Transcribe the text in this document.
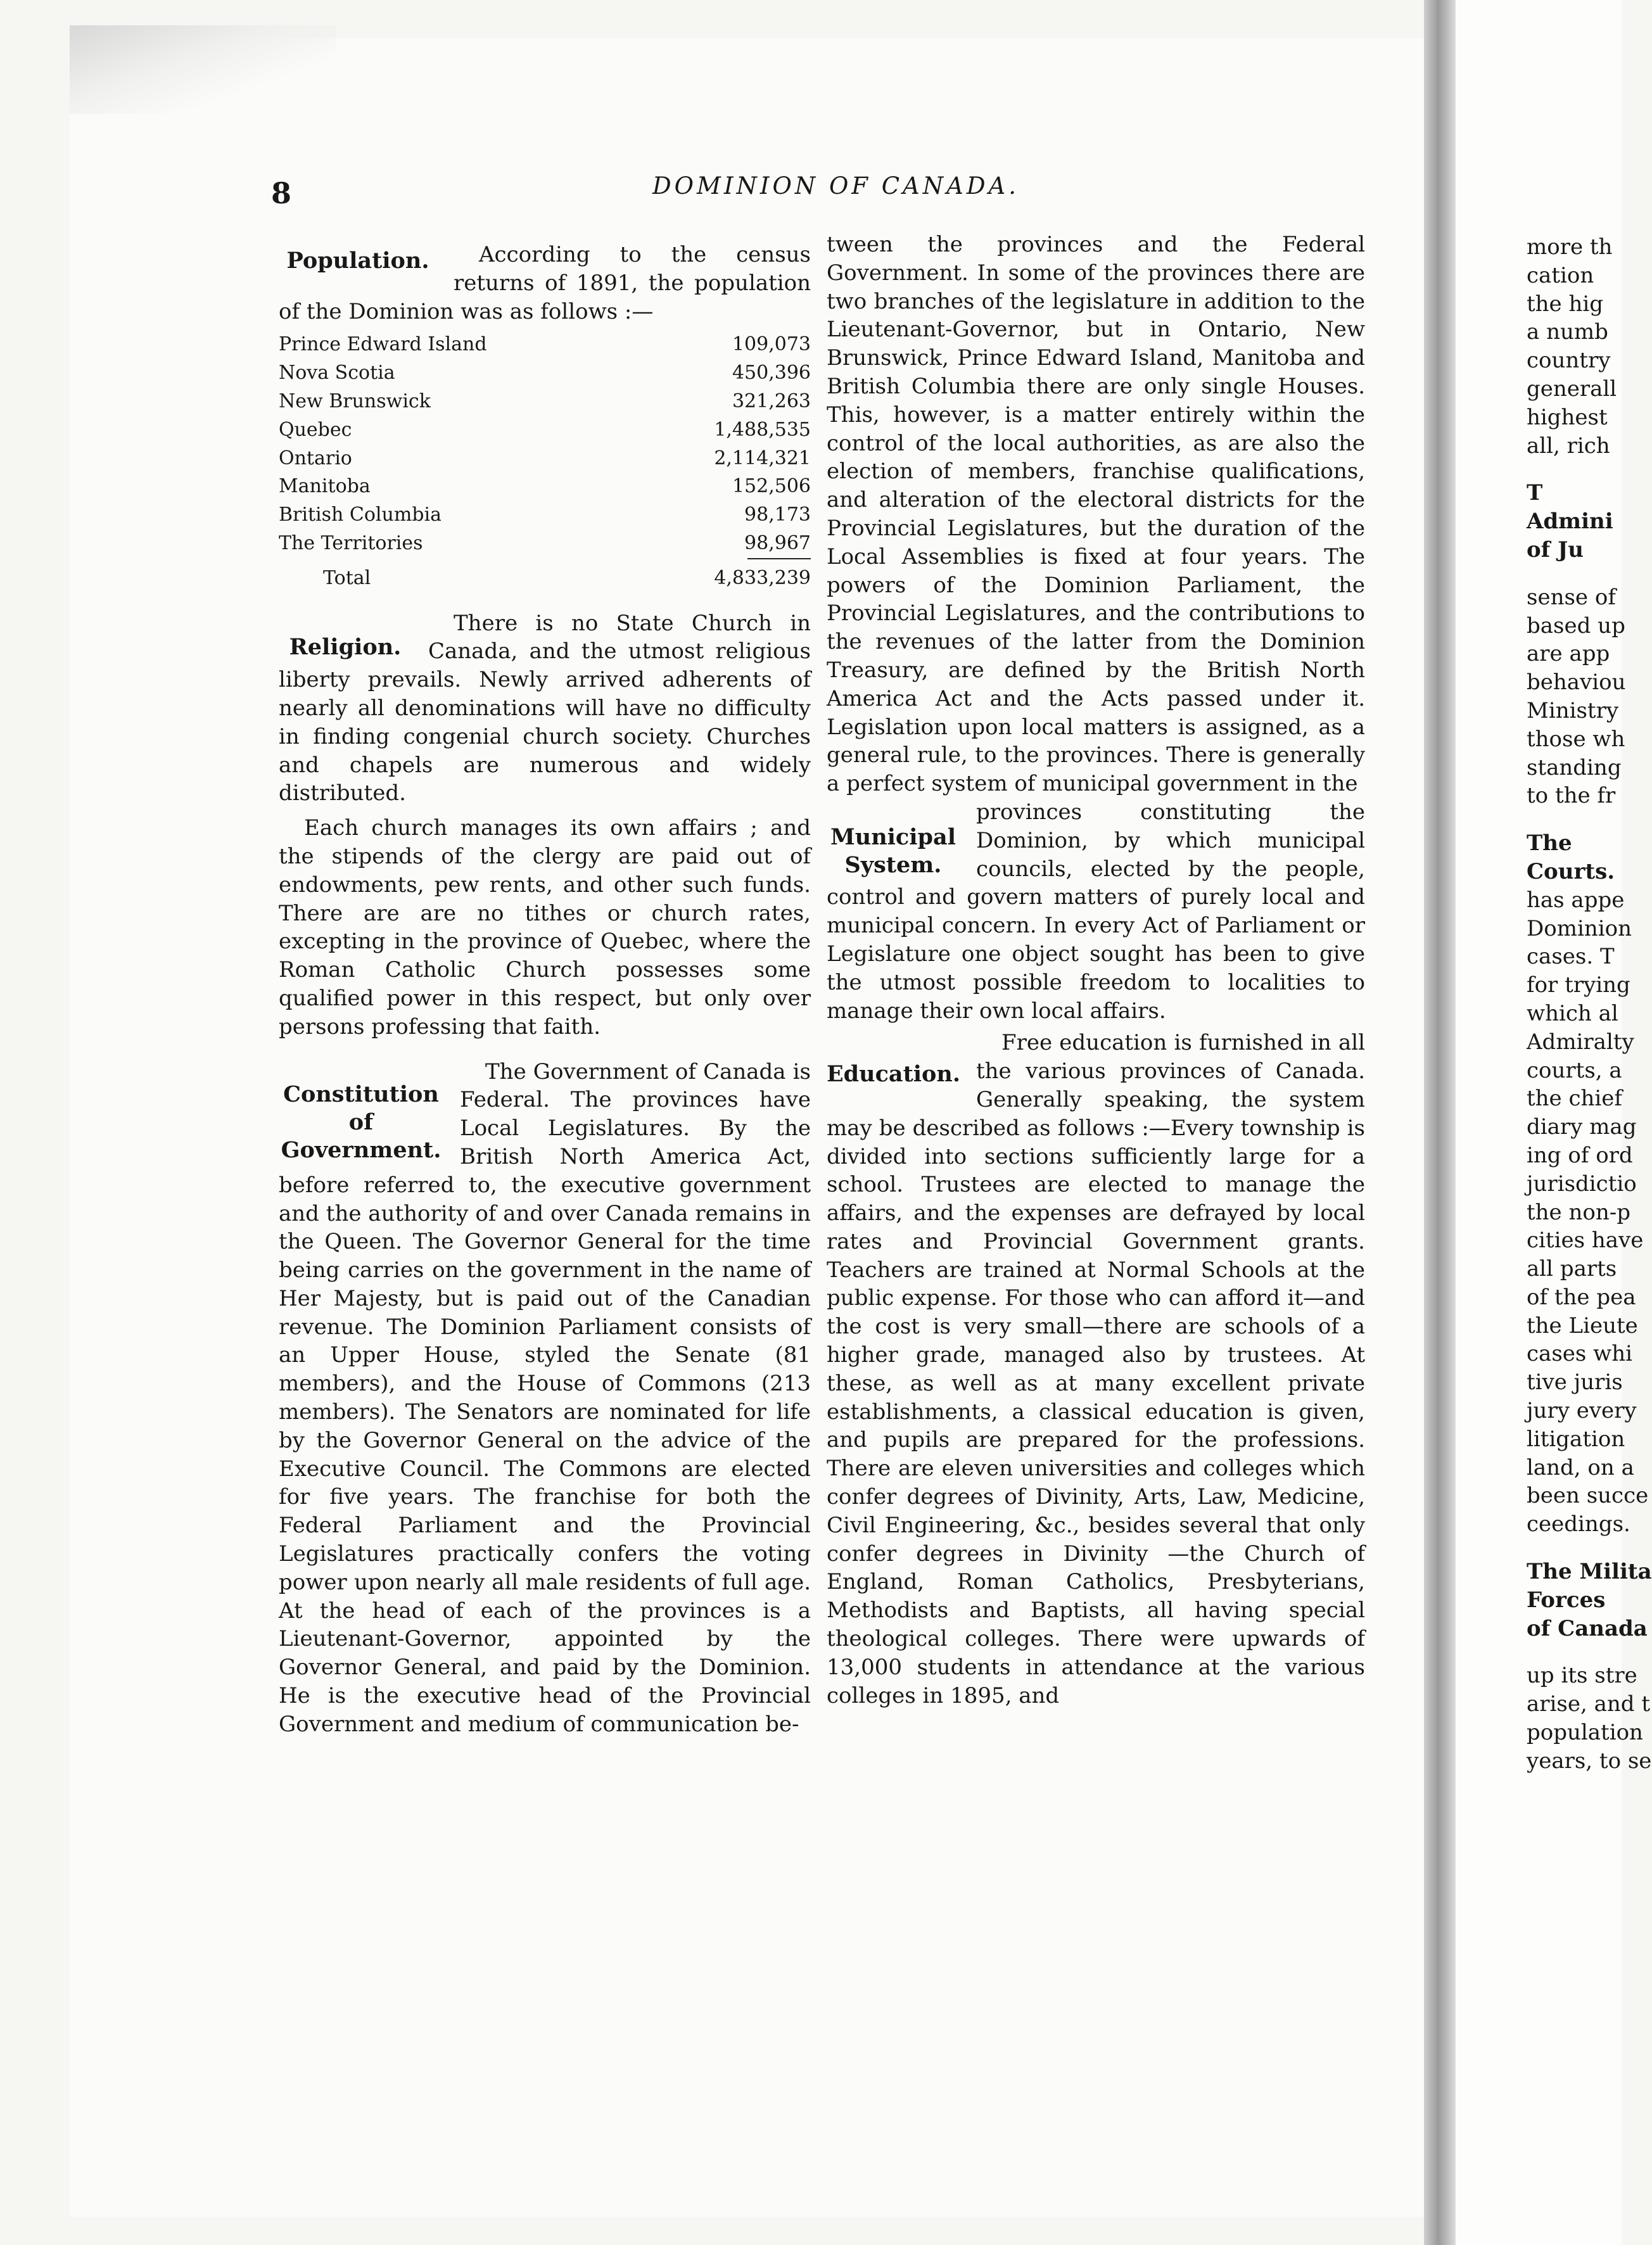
8	DOMINION OF CANADA.
Population.	According to the census returns of 1891, the population of the Dominion was as follows :—

Prince Edward Island	109,073
Nova Scotia	450,396
New Brunswick	321,263
Quebec	1,488,535
Ontario	2,114,321
Manitoba	152,506
British Columbia	98,173
The Territories	98,967
Total	4,833,239
Religion.

There is no State Church in Canada, and the utmost religious liberty prevails. Newly arrived adherents of nearly all denominations will have no difficulty in finding congenial church society. Churches and chapels are numerous and widely distributed.

Each church manages its own affairs ; and the stipends of the clergy are paid out of endowments, pew rents, and other such funds. There are are no tithes or church rates, excepting in the province of Quebec, where the Roman Catholic Church possesses some qualified power in this respect, but only over persons professing that faith.

Constitution
of
Government.

The Government of Canada is Federal. The provinces have Local Legislatures. By the British North America Act, before referred to, the executive government and the authority of and over Canada remains in the Queen. The Governor General for the time being carries on the government in the name of Her Majesty, but is paid out of the Canadian revenue. The Dominion Parliament consists of an Upper House, styled the Senate (81 members), and the House of Commons (213 members). The Senators are nominated for life by the Governor General on the advice of the Executive Council. The Commons are elected for five years. The franchise for both the Federal Parliament and the Provincial Legislatures practically confers the voting power upon nearly all male residents of full age. At the head of each of the provinces is a Lieutenant-Governor, appointed by the Governor General, and paid by the Dominion. He is the executive head of the Provincial Government and medium of communication be-

tween the provinces and the Federal Government. In some of the provinces there are two branches of the legislature in addition to the Lieutenant-Governor, but in Ontario, New Brunswick, Prince Edward Island, Manitoba and British Columbia there are only single Houses. This, however, is a matter entirely within the control of the local authorities, as are also the election of members, franchise qualifications, and alteration of the electoral districts for the Provincial Legislatures, but the duration of the Local Assemblies is fixed at four years. The powers of the Dominion Parliament, the Provincial Legislatures, and the contributions to the revenues of the latter from the Dominion Treasury, are defined by the British North America Act and the Acts passed under it. Legislation upon local matters is assigned, as a general rule, to the provinces. There is generally a perfect system of municipal government in the

Municipal
System.

provinces constituting the Dominion, by which municipal councils, elected by the people, control and govern matters of purely local and municipal concern. In every Act of Parliament or Legislature one object sought has been to give the utmost possible freedom to localities to manage their own local affairs.

Education.

Free education is furnished in all the various provinces of Canada. Generally speaking, the system may be described as follows :—Every township is divided into sections sufficiently large for a school. Trustees are elected to manage the affairs, and the expenses are defrayed by local rates and Provincial Government grants. Teachers are trained at Normal Schools at the public expense. For those who can afford it—and the cost is very small—there are schools of a higher grade, managed also by trustees. At these, as well as at many excellent private establishments, a classical education is given, and pupils are prepared for the professions. There are eleven universities and colleges which confer degrees of Divinity, Arts, Law, Medicine, Civil Engineering, &c., besides several that only confer degrees in Divinity —the Church of England, Roman Catholics, Presbyterians, Methodists and Baptists, all having special theological colleges. There were upwards of 13,000 students in attendance at the various colleges in 1895, and

more th
cation
the hig
a numb
country
generall
highest
all, rich
T
Admini
of Ju
sense of
based up
are app
behaviou
Ministry
those wh
standing
to the fr
The
Courts.
has appe
Dominion
cases. T
for trying
which al
Admiralty
courts, a
the chief
diary mag
ing of ord
jurisdictio
the non-p
cities have
all parts
of the pea
the Lieute
cases whi
tive juris
jury every
litigation
land, on a
been succe
ceedings.
The Milita
Forces
of Canada
up its stre
arise, and t
population
years, to se
